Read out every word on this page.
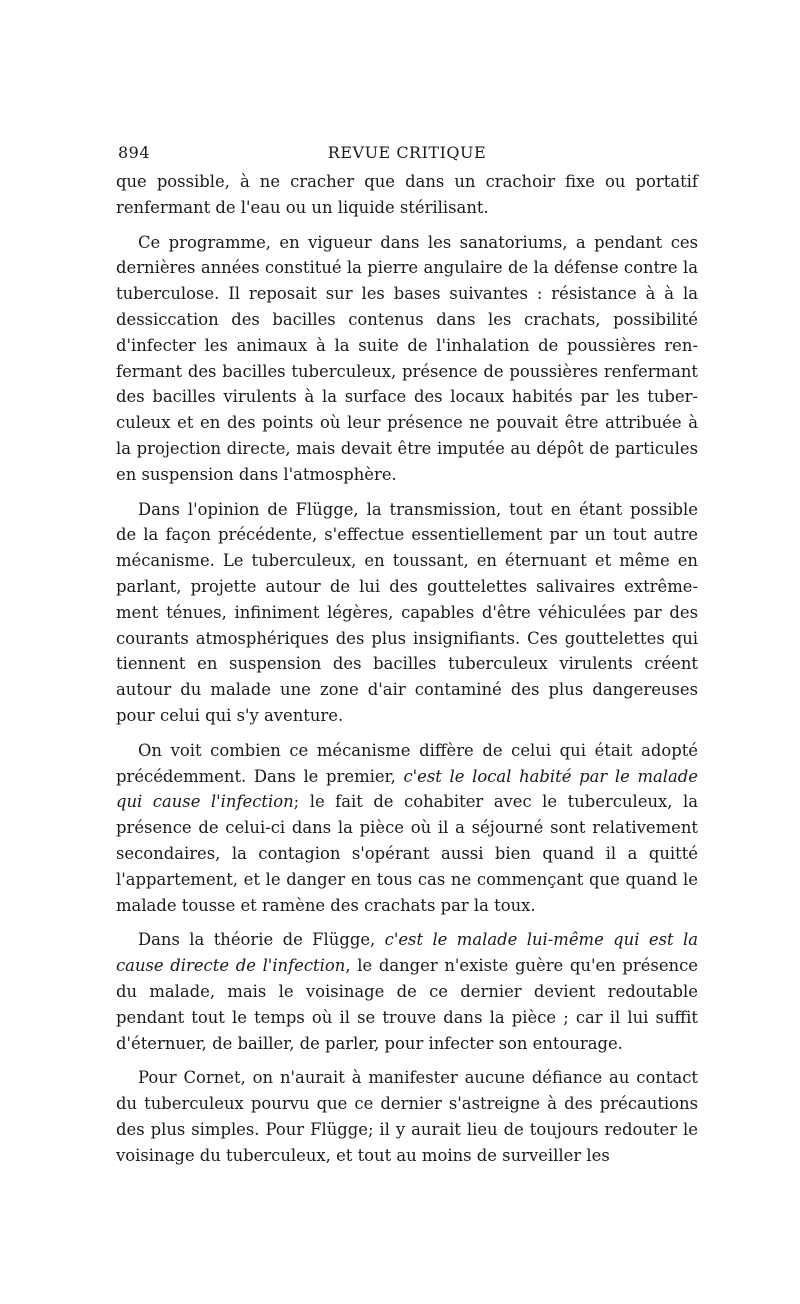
894	REVUE CRITIQUE

que possible, à ne cracher que dans un crachoir fixe ou portatif renfermant de l'eau ou un liquide stérilisant.

Ce programme, en vigueur dans les sanatoriums, a pendant ces dernières années constitué la pierre angulaire de la défense contre la tuberculose. Il reposait sur les bases suivantes : résistance à à la dessiccation des bacilles contenus dans les crachats, possibilité d'infecter les animaux à la suite de l'inhalation de poussières renfermant des bacilles tuberculeux, présence de poussières renfermant des bacilles virulents à la surface des locaux habités par les tuberculeux et en des points où leur présence ne pouvait être attribuée à la projection directe, mais devait être imputée au dépôt de particules en suspension dans l'atmosphère.

Dans l'opinion de Flügge, la transmission, tout en étant possible de la façon précédente, s'effectue essentiellement par un tout autre mécanisme. Le tuberculeux, en toussant, en éternuant et même en parlant, projette autour de lui des gouttelettes salivaires extrêmement ténues, infiniment légères, capables d'être véhiculées par des courants atmosphériques des plus insignifiants. Ces gouttelettes qui tiennent en suspension des bacilles tuberculeux virulents créent autour du malade une zone d'air contaminé des plus dangereuses pour celui qui s'y aventure.

On voit combien ce mécanisme diffère de celui qui était adopté précédemment. Dans le premier, c'est le local habité par le malade qui cause l'infection; le fait de cohabiter avec le tuberculeux, la présence de celui-ci dans la pièce où il a séjourné sont relativement secondaires, la contagion s'opérant aussi bien quand il a quitté l'appartement, et le danger en tous cas ne commençant que quand le malade tousse et ramène des crachats par la toux.

Dans la théorie de Flügge, c'est le malade lui-même qui est la cause directe de l'infection, le danger n'existe guère qu'en présence du malade, mais le voisinage de ce dernier devient redoutable pendant tout le temps où il se trouve dans la pièce ; car il lui suffit d'éternuer, de bailler, de parler, pour infecter son entourage.

Pour Cornet, on n'aurait à manifester aucune défiance au contact du tuberculeux pourvu que ce dernier s'astreigne à des précautions des plus simples. Pour Flügge; il y aurait lieu de toujours redouter le voisinage du tuberculeux, et tout au moins de surveiller les
